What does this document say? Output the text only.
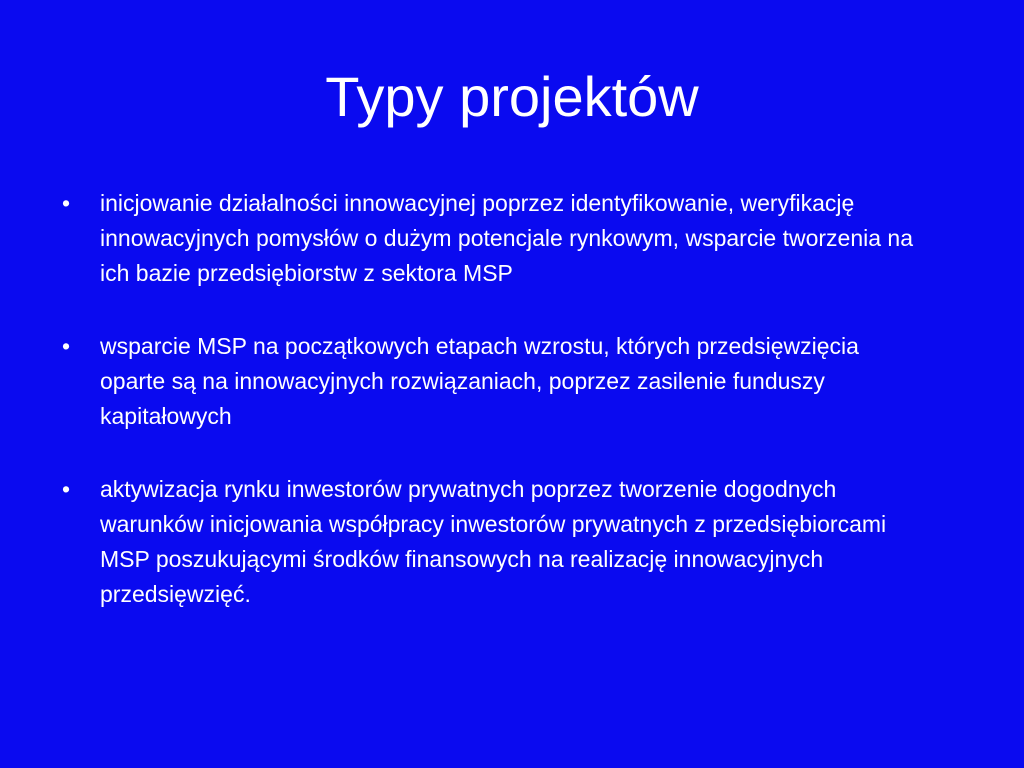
Typy projektów
• inicjowanie działalności innowacyjnej poprzez identyfikowanie, weryfikację innowacyjnych pomysłów o dużym potencjale rynkowym, wsparcie tworzenia na ich bazie przedsiębiorstw z sektora MSP
• wsparcie MSP na początkowych etapach wzrostu, których przedsięwzięcia oparte są na innowacyjnych rozwiązaniach, poprzez zasilenie funduszy kapitałowych
• aktywizacja rynku inwestorów prywatnych poprzez tworzenie dogodnych warunków inicjowania współpracy inwestorów prywatnych z przedsiębiorcami MSP poszukującymi środków finansowych na realizację innowacyjnych przedsięwzięć.
